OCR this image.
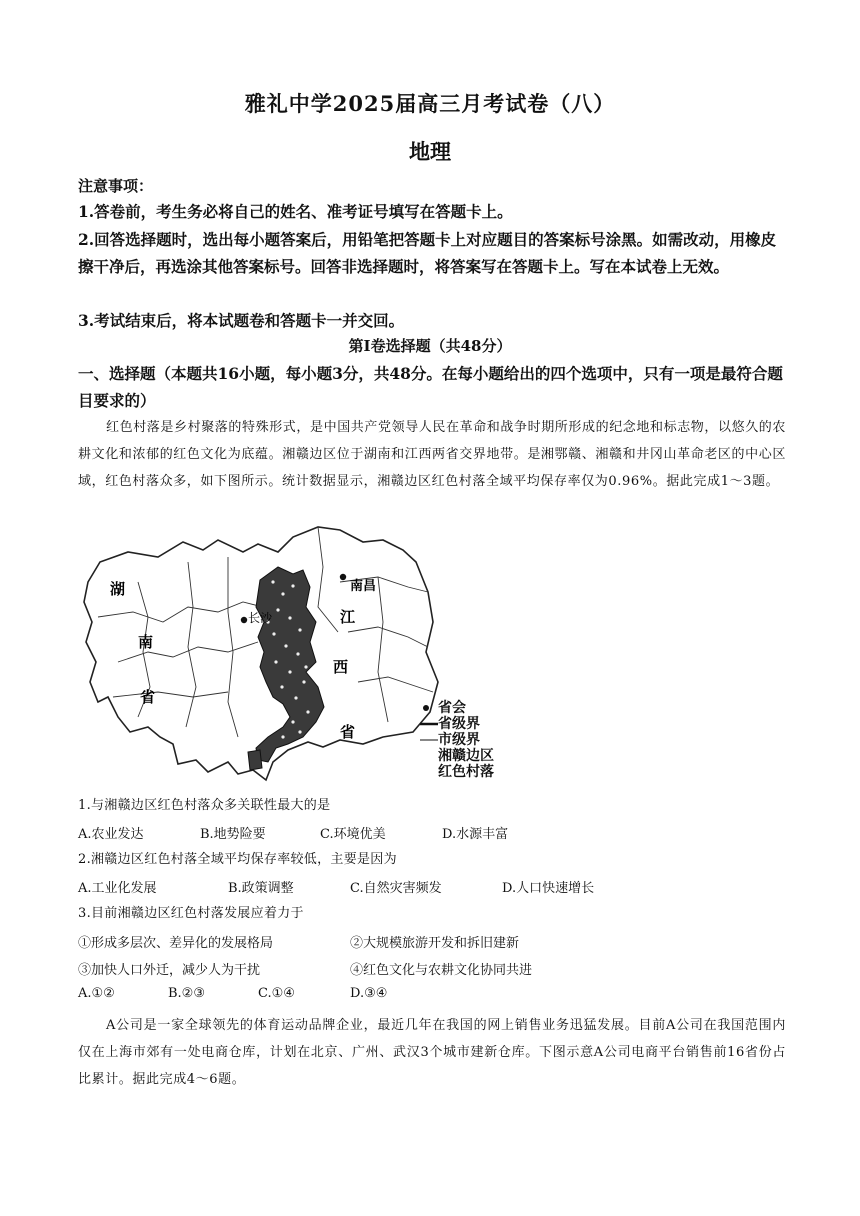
雅礼中学2025届高三月考试卷（八）
地理
注意事项：
1.答卷前，考生务必将自己的姓名、准考证号填写在答题卡上。
2.回答选择题时，选出每小题答案后，用铅笔把答题卡上对应题目的答案标号涂黑。如需改动，用橡皮擦干净后，再选涂其他答案标号。回答非选择题时，将答案写在答题卡上。写在本试卷上无效。
3.考试结束后，将本试题卷和答题卡一并交回。
第Ⅰ卷选择题（共48分）
一、选择题（本题共16小题，每小题3分，共48分。在每小题给出的四个选项中，只有一项是最符合题目要求的）
红色村落是乡村聚落的特殊形式，是中国共产党领导人民在革命和战争时期所形成的纪念地和标志物，以悠久的农耕文化和浓郁的红色文化为底蕴。湘赣边区位于湖南和江西两省交界地带。是湘鄂赣、湘赣和井冈山革命老区的中心区域，红色村落众多，如下图所示。统计数据显示，湘赣边区红色村落全域平均保存率仅为0.96%。据此完成1～3题。
湖
南
省
长沙
南昌
江
西
省
省会
省级界
市级界
湘赣边区
红色村落
1.与湘赣边区红色村落众多关联性最大的是
A.农业发达	B.地势险要	C.环境优美	D.水源丰富
2.湘赣边区红色村落全域平均保存率较低，主要是因为
A.工业化发展	B.政策调整	C.自然灾害频发	D.人口快速增长
3.目前湘赣边区红色村落发展应着力于
①形成多层次、差异化的发展格局	②大规模旅游开发和拆旧建新
③加快人口外迁，减少人为干扰	④红色文化与农耕文化协同共进
A.①②	B.②③	C.①④	D.③④
A公司是一家全球领先的体育运动品牌企业，最近几年在我国的网上销售业务迅猛发展。目前A公司在我国范围内仅在上海市郊有一处电商仓库，计划在北京、广州、武汉3个城市建新仓库。下图示意A公司电商平台销售前16省份占比累计。据此完成4～6题。
